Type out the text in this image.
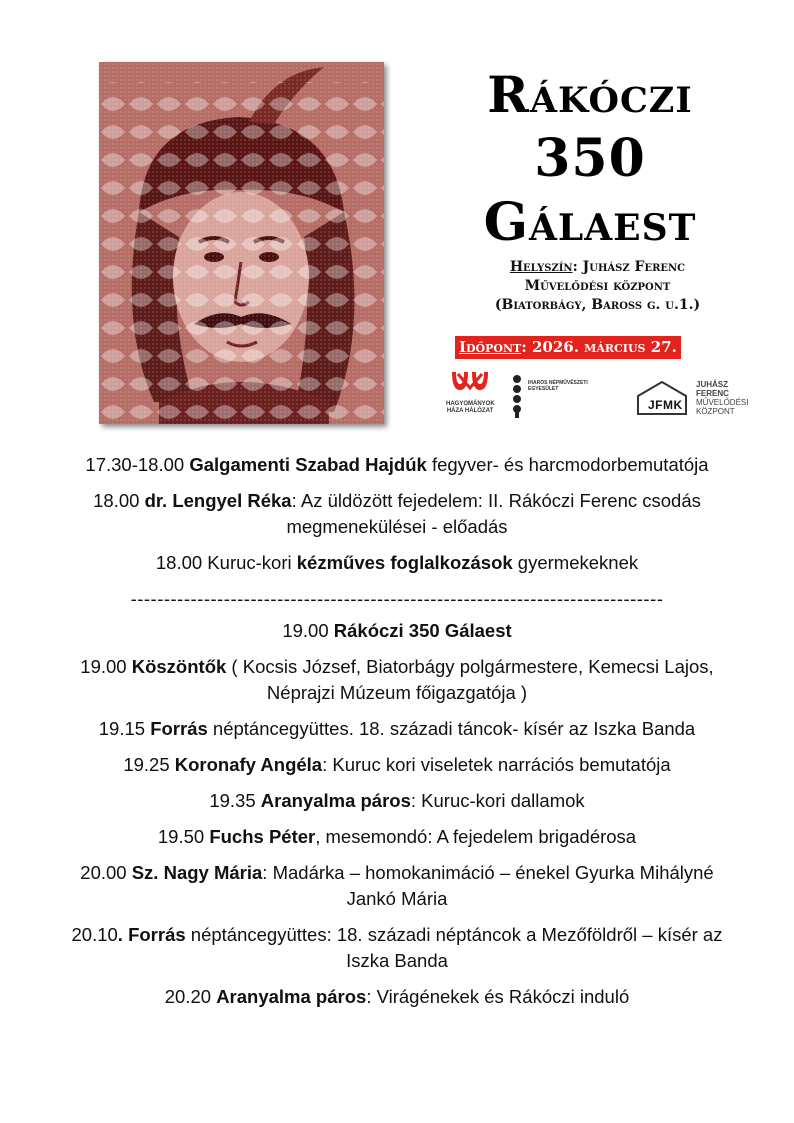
Rákóczi
350
Gálaest
Helyszín: Juhász Ferenc
Művelődési központ
(Biatorbágy, Baross g. u.1.)
Időpont: 2026. március 27.
HAGYOMÁNYOK HÁZA HÁLÓZAT
IHAROS NÉPMŰVÉSZETI EGYESÜLET
JFMK
JUHÁSZ
FERENC
MŰVELŐDÉSI
KÖZPONT
17.30-18.00 Galgamenti Szabad Hajdúk fegyver- és harcmodorbemutatója
18.00 dr. Lengyel Réka: Az üldözött fejedelem: II. Rákóczi Ferenc csodás megmenekülései - előadás
18.00 Kuruc-kori kézműves foglalkozások gyermekeknek
--------------------------------------------------------------------------------
19.00 Rákóczi 350 Gálaest
19.00 Köszöntők ( Kocsis József, Biatorbágy polgármestere, Kemecsi Lajos, Néprajzi Múzeum főigazgatója )
19.15 Forrás néptáncegyüttes. 18. századi táncok- kísér az Iszka Banda
19.25 Koronafy Angéla: Kuruc kori viseletek narrációs bemutatója
19.35 Aranyalma páros: Kuruc-kori dallamok
19.50 Fuchs Péter, mesemondó: A fejedelem brigadérosa
20.00 Sz. Nagy Mária: Madárka – homokanimáció – énekel Gyurka Mihályné Jankó Mária
20.10. Forrás néptáncegyüttes: 18. századi néptáncok a Mezőföldről – kísér az Iszka Banda
20.20 Aranyalma páros: Virágénekek és Rákóczi induló
